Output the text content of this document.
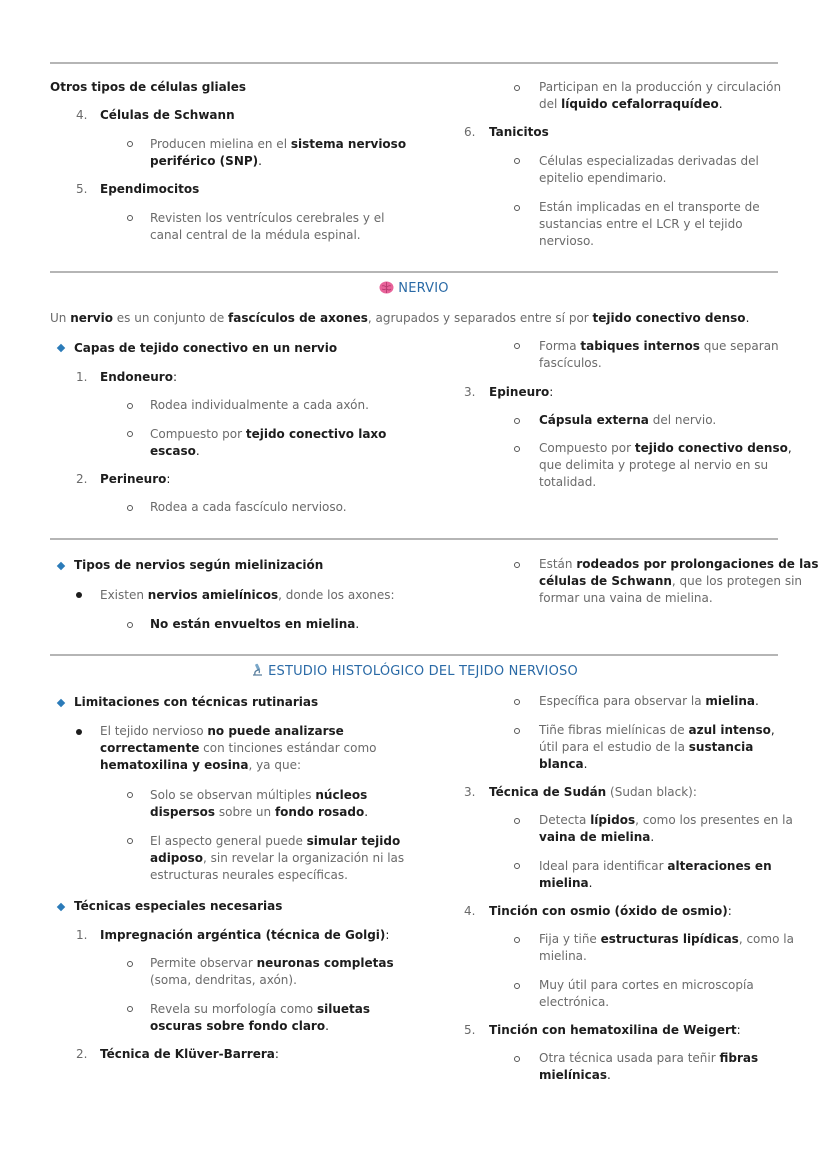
Otros tipos de células gliales
4. Células de Schwann
Producen mielina en el sistema nervioso
periférico (SNP).
5. Ependimocitos
Revisten los ventrículos cerebrales y el
canal central de la médula espinal.
Participan en la producción y circulación
del líquido cefalorraquídeo.
6. Tanicitos
Células especializadas derivadas del
epitelio ependimario.
Están implicadas en el transporte de
sustancias entre el LCR y el tejido
nervioso.
NERVIO
Un nervio es un conjunto de fascículos de axones, agrupados y separados entre sí por tejido conectivo denso.
Capas de tejido conectivo en un nervio
1. Endoneuro:
Rodea individualmente a cada axón.
Compuesto por tejido conectivo laxo
escaso.
2. Perineuro:
Rodea a cada fascículo nervioso.
Forma tabiques internos que separan
fascículos.
3. Epineuro:
Cápsula externa del nervio.
Compuesto por tejido conectivo denso,
que delimita y protege al nervio en su
totalidad.
Tipos de nervios según mielinización
Existen nervios amielínicos, donde los axones:
No están envueltos en mielina.
Están rodeados por prolongaciones de las
células de Schwann, que los protegen sin
formar una vaina de mielina.
ESTUDIO HISTOLÓGICO DEL TEJIDO NERVIOSO
Limitaciones con técnicas rutinarias
El tejido nervioso no puede analizarse
correctamente con tinciones estándar como
hematoxilina y eosina, ya que:
Solo se observan múltiples núcleos
dispersos sobre un fondo rosado.
El aspecto general puede simular tejido
adiposo, sin revelar la organización ni las
estructuras neurales específicas.
Técnicas especiales necesarias
1. Impregnación argéntica (técnica de Golgi):
Permite observar neuronas completas
(soma, dendritas, axón).
Revela su morfología como siluetas
oscuras sobre fondo claro.
2. Técnica de Klüver-Barrera:
Específica para observar la mielina.
Tiñe fibras mielínicas de azul intenso,
útil para el estudio de la sustancia
blanca.
3. Técnica de Sudán (Sudan black):
Detecta lípidos, como los presentes en la
vaina de mielina.
Ideal para identificar alteraciones en
mielina.
4. Tinción con osmio (óxido de osmio):
Fija y tiñe estructuras lipídicas, como la
mielina.
Muy útil para cortes en microscopía
electrónica.
5. Tinción con hematoxilina de Weigert:
Otra técnica usada para teñir fibras
mielínicas.
